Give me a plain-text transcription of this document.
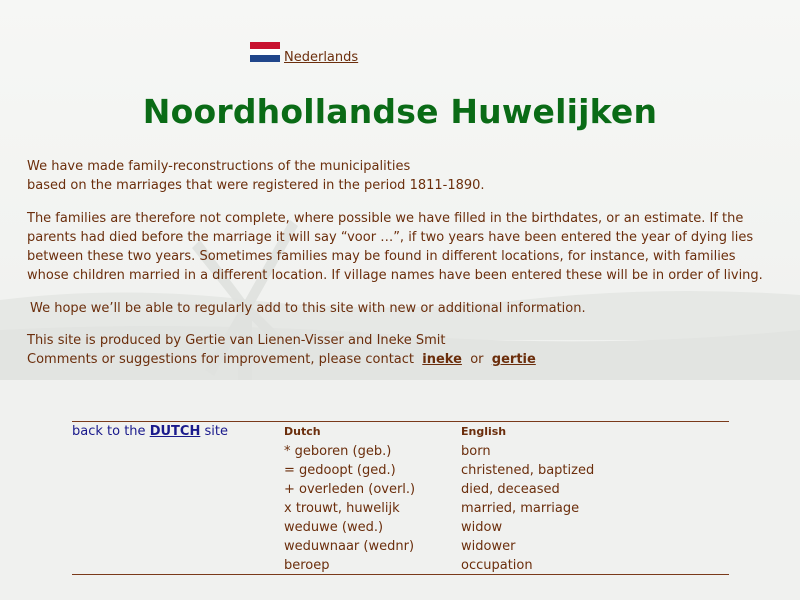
Nederlands
Noordhollandse Huwelijken

We have made family-reconstructions of the municipalities
based on the marriages that were registered in the period 1811-1890.

The families are therefore not complete, where possible we have filled in the birthdates, or an estimate. If the parents had died before the marriage it will say “voor …”, if two years have been entered the year of dying lies between these two years. Sometimes families may be found in different locations, for instance, with families whose children married in a different location. If village names have been entered these will be in order of living.

We hope we’ll be able to regularly add to this site with new or additional information.

This site is produced by Gertie van Lienen-Visser and Ineke Smit
Comments or suggestions for improvement, please contact ineke or gertie

back to the DUTCH site	Dutch
* geboren (geb.)
= gedoopt (ged.)
+ overleden (overl.)
x trouwt, huwelijk
weduwe (wed.)
weduwnaar (wednr)
beroep
English
born
christened, baptized
died, deceased
married, marriage
widow
widower
occupation
